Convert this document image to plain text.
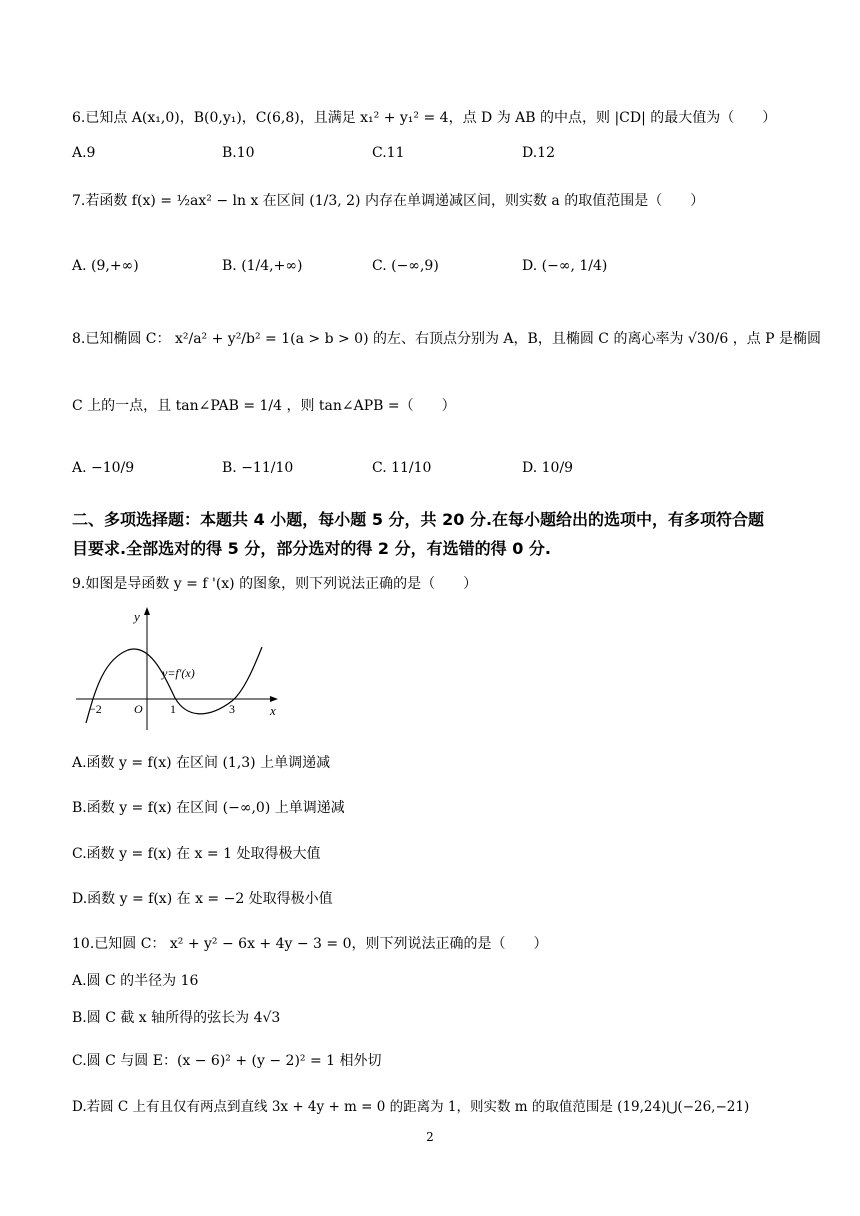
6.已知点 A(x₁,0)，B(0,y₁)，C(6,8)，且满足 x₁² + y₁² = 4，点 D 为 AB 的中点，则 |CD| 的最大值为（　　）
A.9	B.10	C.11	D.12
7.若函数 f(x) = ½ax² − ln x 在区间 (1/3, 2) 内存在单调递减区间，则实数 a 的取值范围是（　　）
A. (9,+∞)	B. (1/4,+∞)	C. (−∞,9)	D. (−∞, 1/4)
8.已知椭圆 C： x²/a² + y²/b² = 1(a > b > 0) 的左、右顶点分别为 A，B，且椭圆 C 的离心率为 √30/6 ，点 P 是椭圆
C 上的一点，且 tan∠PAB = 1/4 ，则 tan∠APB =（　　）
A. −10/9	B. −11/10	C. 11/10	D. 10/9
二、多项选择题：本题共 4 小题，每小题 5 分，共 20 分.在每小题给出的选项中，有多项符合题
目要求.全部选对的得 5 分，部分选对的得 2 分，有选错的得 0 分.
9.如图是导函数 y = f '(x) 的图象，则下列说法正确的是（　　）
y
x
y=f′(x)
O
−2	1	3
A.函数 y = f(x) 在区间 (1,3) 上单调递减
B.函数 y = f(x) 在区间 (−∞,0) 上单调递减
C.函数 y = f(x) 在 x = 1 处取得极大值
D.函数 y = f(x) 在 x = −2 处取得极小值
10.已知圆 C： x² + y² − 6x + 4y − 3 = 0，则下列说法正确的是（　　）
A.圆 C 的半径为 16
B.圆 C 截 x 轴所得的弦长为 4√3
C.圆 C 与圆 E：(x − 6)² + (y − 2)² = 1 相外切
D.若圆 C 上有且仅有两点到直线 3x + 4y + m = 0 的距离为 1，则实数 m 的取值范围是 (19,24)⋃(−26,−21)
2
